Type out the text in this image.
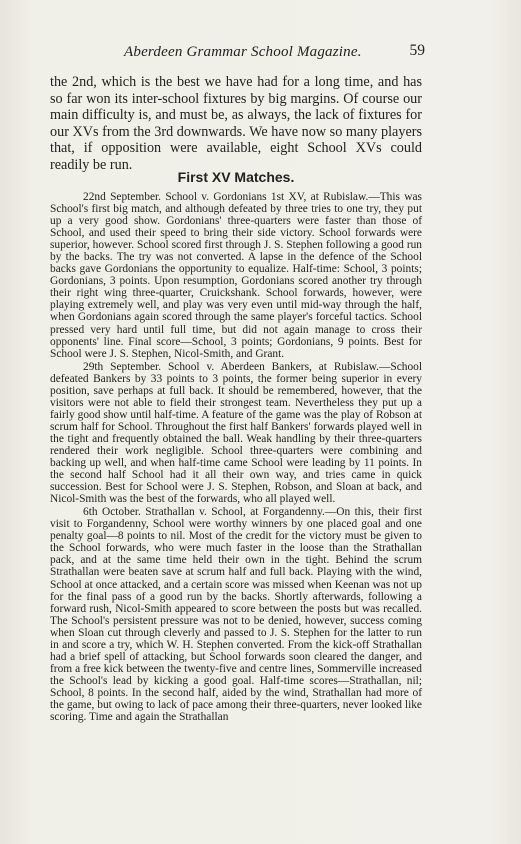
Aberdeen Grammar School Magazine.	59

the 2nd, which is the best we have had for a long time, and has so far won its inter-school fixtures by big margins. Of course our main difficulty is, and must be, as always, the lack of fixtures for our XVs from the 3rd downwards. We have now so many players that, if opposition were available, eight School XVs could readily be run.

First XV Matches.

22nd September. School v. Gordonians 1st XV, at Rubislaw.—This was School's first big match, and although defeated by three tries to one try, they put up a very good show. Gordonians' three-quarters were faster than those of School, and used their speed to bring their side victory. School forwards were superior, however. School scored first through J. S. Stephen following a good run by the backs. The try was not converted. A lapse in the defence of the School backs gave Gordonians the opportunity to equalize. Half-time: School, 3 points; Gordonians, 3 points. Upon resumption, Gordonians scored another try through their right wing three-quarter, Cruickshank. School forwards, however, were playing extremely well, and play was very even until mid-way through the half, when Gordonians again scored through the same player's forceful tactics. School pressed very hard until full time, but did not again manage to cross their opponents' line. Final score—School, 3 points; Gordonians, 9 points. Best for School were J. S. Stephen, Nicol-Smith, and Grant.

29th September. School v. Aberdeen Bankers, at Rubislaw.—School defeated Bankers by 33 points to 3 points, the former being superior in every position, save perhaps at full back. It should be remembered, however, that the visitors were not able to field their strongest team. Nevertheless they put up a fairly good show until half-time. A feature of the game was the play of Robson at scrum half for School. Throughout the first half Bankers' forwards played well in the tight and frequently obtained the ball. Weak handling by their three-quarters rendered their work negligible. School three-quarters were combining and backing up well, and when half-time came School were leading by 11 points. In the second half School had it all their own way, and tries came in quick succession. Best for School were J. S. Stephen, Robson, and Sloan at back, and Nicol-Smith was the best of the forwards, who all played well.

6th October. Strathallan v. School, at Forgandenny.—On this, their first visit to Forgandenny, School were worthy winners by one placed goal and one penalty goal—8 points to nil. Most of the credit for the victory must be given to the School forwards, who were much faster in the loose than the Strathallan pack, and at the same time held their own in the tight. Behind the scrum Strathallan were beaten save at scrum half and full back. Playing with the wind, School at once attacked, and a certain score was missed when Keenan was not up for the final pass of a good run by the backs. Shortly afterwards, following a forward rush, Nicol-Smith appeared to score between the posts but was recalled. The School's persistent pressure was not to be denied, however, success coming when Sloan cut through cleverly and passed to J. S. Stephen for the latter to run in and score a try, which W. H. Stephen converted. From the kick-off Strathallan had a brief spell of attacking, but School forwards soon cleared the danger, and from a free kick between the twenty-five and centre lines, Sommerville increased the School's lead by kicking a good goal. Half-time scores—Strathallan, nil; School, 8 points. In the second half, aided by the wind, Strathallan had more of the game, but owing to lack of pace among their three-quarters, never looked like scoring. Time and again the Strathallan
